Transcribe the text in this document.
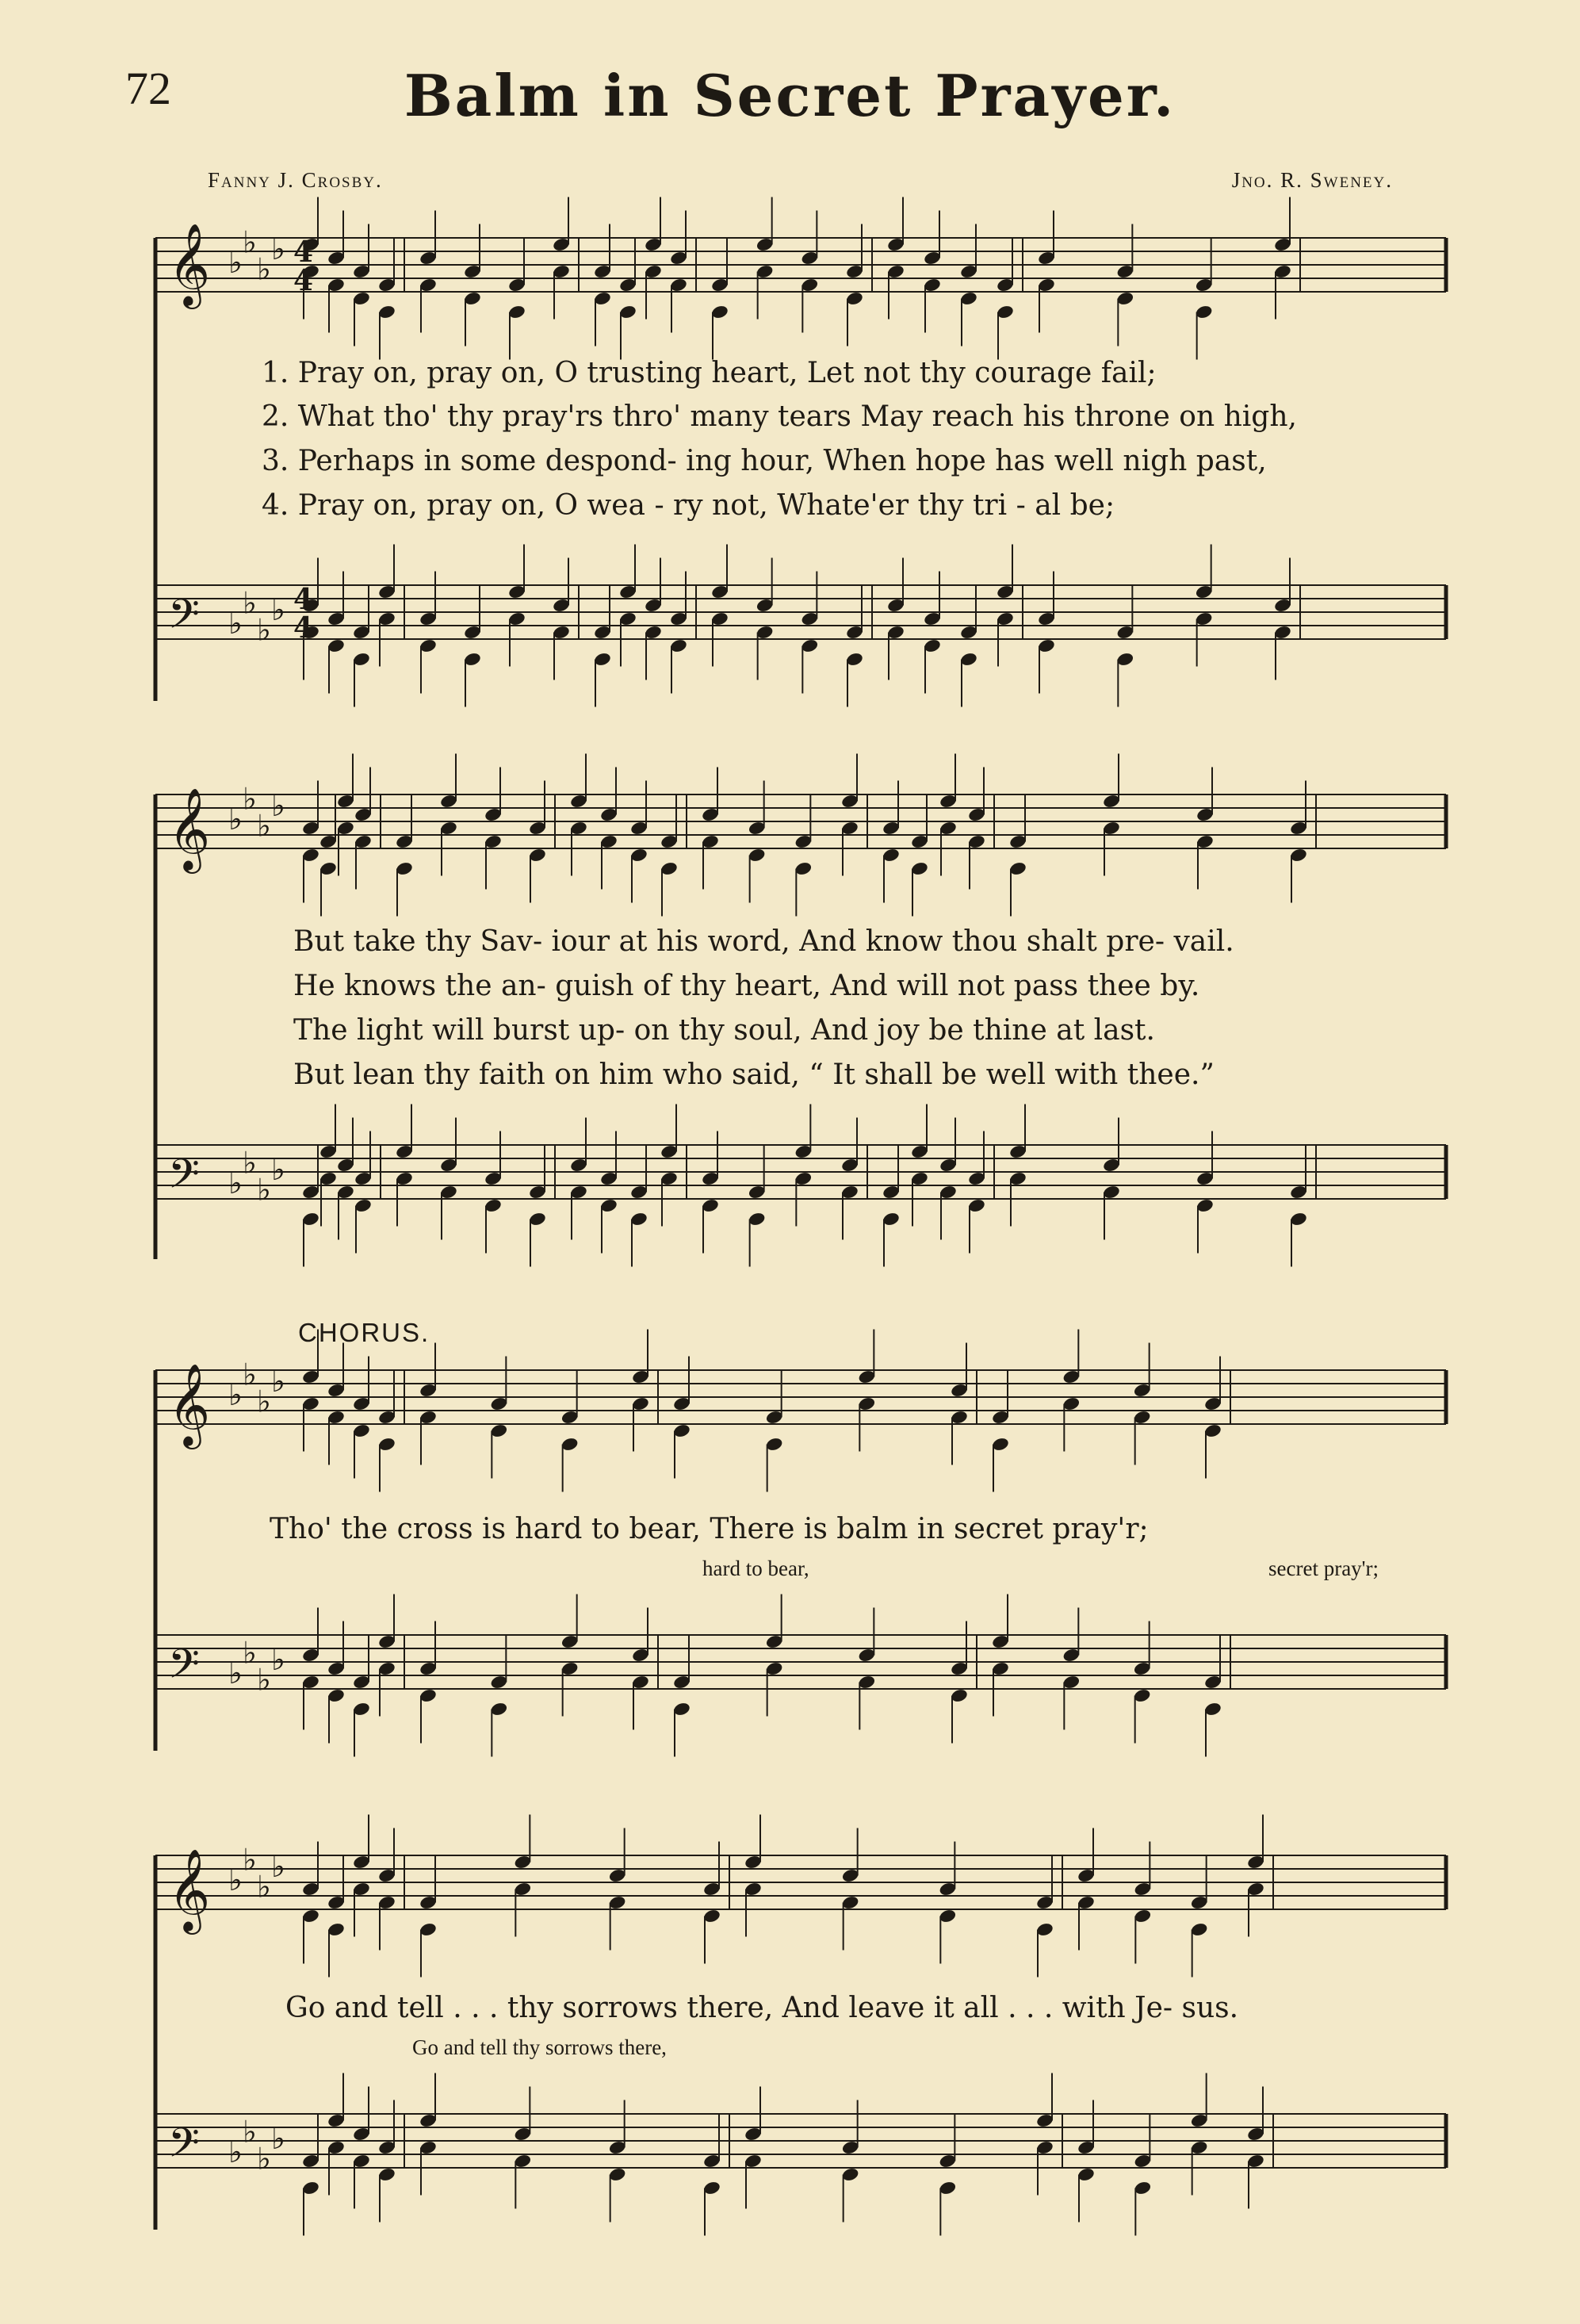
72	Balm in Secret Prayer.
Fanny J. Crosby.	Jno. R. Sweney.
𝄞 ♭
♭
♭
♭
𝄢 ♭
♭
♭
♭
𝄞 ♭
♭
♭
♭
𝄢 ♭
♭
♭
♭
𝄞 ♭
♭
♭
♭
𝄢 ♭
♭
♭
♭
𝄞 ♭
♭
♭
♭
𝄢 ♭
♭
♭
♭
4
4
4
4
1. Pray on, pray on, O trusting heart, Let not thy courage fail;
2. What tho' thy pray'rs thro' many tears May reach his throne on high,
3. Perhaps in some despond- ing hour, When hope has well nigh past,
4. Pray on, pray on, O wea - ry not, Whate'er thy tri - al be;
But take thy Sav- iour at his word, And know thou shalt pre- vail.
He knows the an- guish of thy heart, And will not pass thee by.
The light will burst up- on thy soul, And joy be thine at last.
But lean thy faith on him who said, “ It shall be well with thee.”
CHORUS.
Tho' the cross is hard to bear, There is balm in secret pray'r;
hard to bear,	secret pray'r;
Go and tell . . . thy sorrows there, And leave it all . . . with Je- sus.
Go and tell thy sorrows there,
